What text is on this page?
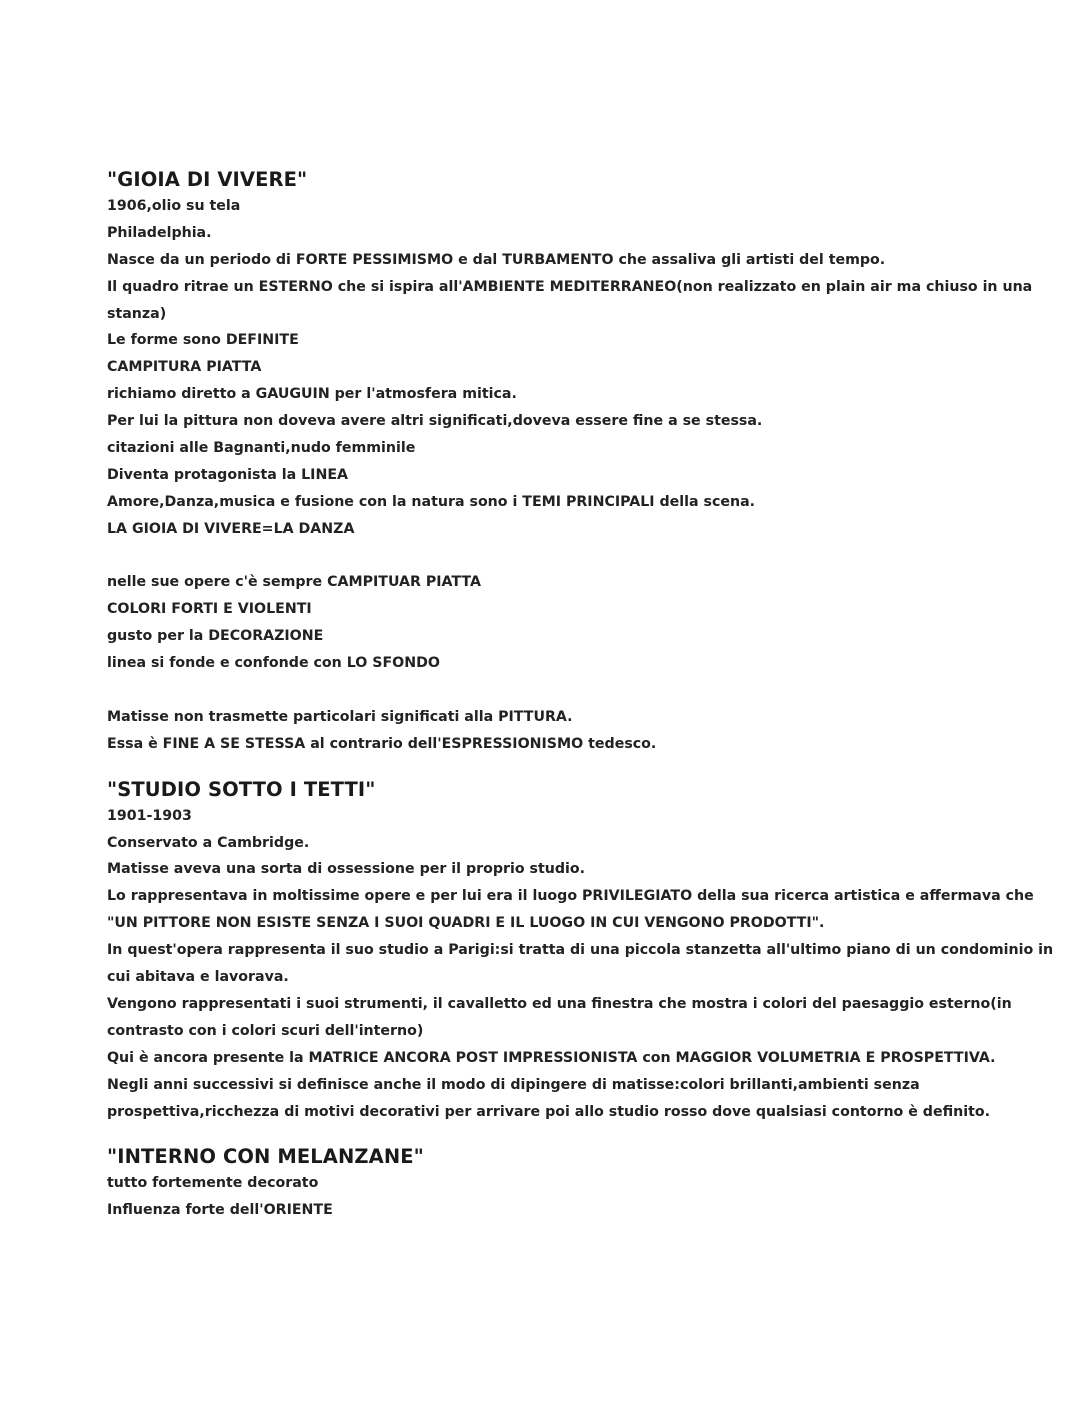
"GIOIA DI VIVERE"
1906,olio su tela
Philadelphia.
Nasce da un periodo di FORTE PESSIMISMO e dal TURBAMENTO che assaliva gli artisti del tempo.
Il quadro ritrae un ESTERNO che si ispira all'AMBIENTE MEDITERRANEO(non realizzato en plain air ma chiuso in una
stanza)
Le forme sono DEFINITE
CAMPITURA PIATTA
richiamo diretto a GAUGUIN per l'atmosfera mitica.
Per lui la pittura non doveva avere altri significati,doveva essere fine a se stessa.
citazioni alle Bagnanti,nudo femminile
Diventa protagonista la LINEA
Amore,Danza,musica e fusione con la natura sono i TEMI PRINCIPALI della scena.
LA GIOIA DI VIVERE=LA DANZA
nelle sue opere c'è sempre CAMPITUAR PIATTA
COLORI FORTI E VIOLENTI
gusto per la DECORAZIONE
linea si fonde e confonde con LO SFONDO
Matisse non trasmette particolari significati alla PITTURA.
Essa è FINE A SE STESSA al contrario dell'ESPRESSIONISMO tedesco.
"STUDIO SOTTO I TETTI"
1901-1903
Conservato a Cambridge.
Matisse aveva una sorta di ossessione per il proprio studio.
Lo rappresentava in moltissime opere e per lui era il luogo PRIVILEGIATO della sua ricerca artistica e affermava che
"UN PITTORE NON ESISTE SENZA I SUOI QUADRI E IL LUOGO IN CUI VENGONO PRODOTTI".
In quest'opera rappresenta il suo studio a Parigi:si tratta di una piccola stanzetta all'ultimo piano di un condominio in
cui abitava e lavorava.
Vengono rappresentati i suoi strumenti, il cavalletto ed una finestra che mostra i colori del paesaggio esterno(in
contrasto con i colori scuri dell'interno)
Qui è ancora presente la MATRICE ANCORA POST IMPRESSIONISTA con MAGGIOR VOLUMETRIA E PROSPETTIVA.
Negli anni successivi si definisce anche il modo di dipingere di matisse:colori brillanti,ambienti senza
prospettiva,ricchezza di motivi decorativi per arrivare poi allo studio rosso dove qualsiasi contorno è definito.
"INTERNO CON MELANZANE"
tutto fortemente decorato
Influenza forte dell'ORIENTE
